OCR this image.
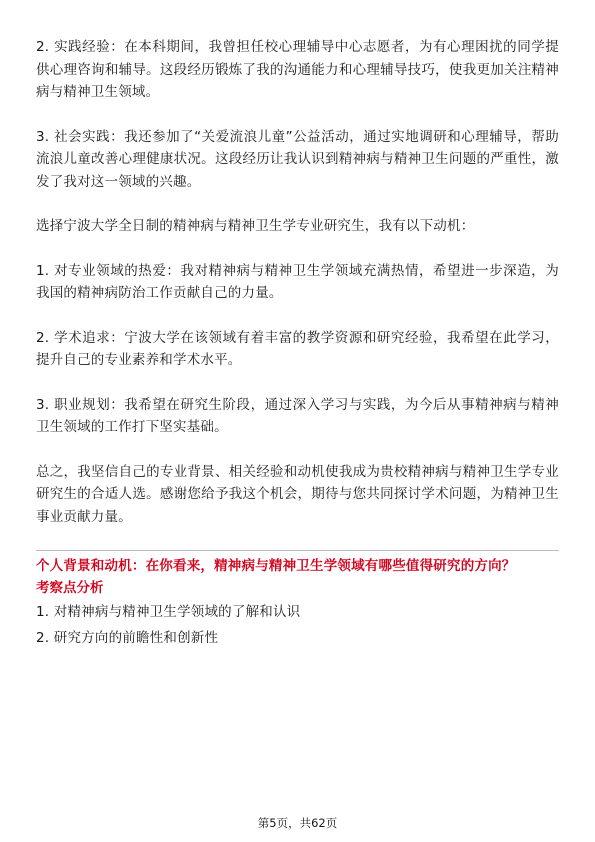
2. 实践经验：在本科期间，我曾担任校心理辅导中心志愿者，为有心理困扰的同学提供心理咨询和辅导。这段经历锻炼了我的沟通能力和心理辅导技巧，使我更加关注精神病与精神卫生领域。

3. 社会实践：我还参加了“关爱流浪儿童”公益活动，通过实地调研和心理辅导，帮助流浪儿童改善心理健康状况。这段经历让我认识到精神病与精神卫生问题的严重性，激发了我对这一领域的兴趣。

选择宁波大学全日制的精神病与精神卫生学专业研究生，我有以下动机：

1. 对专业领域的热爱：我对精神病与精神卫生学领域充满热情，希望进一步深造，为我国的精神病防治工作贡献自己的力量。

2. 学术追求：宁波大学在该领域有着丰富的教学资源和研究经验，我希望在此学习，提升自己的专业素养和学术水平。

3. 职业规划：我希望在研究生阶段，通过深入学习与实践，为今后从事精神病与精神卫生领域的工作打下坚实基础。

总之，我坚信自己的专业背景、相关经验和动机使我成为贵校精神病与精神卫生学专业研究生的合适人选。感谢您给予我这个机会，期待与您共同探讨学术问题，为精神卫生事业贡献力量。

个人背景和动机：在你看来，精神病与精神卫生学领域有哪些值得研究的方向？

考察点分析

1. 对精神病与精神卫生学领域的了解和认识

2. 研究方向的前瞻性和创新性

第5页，共62页
